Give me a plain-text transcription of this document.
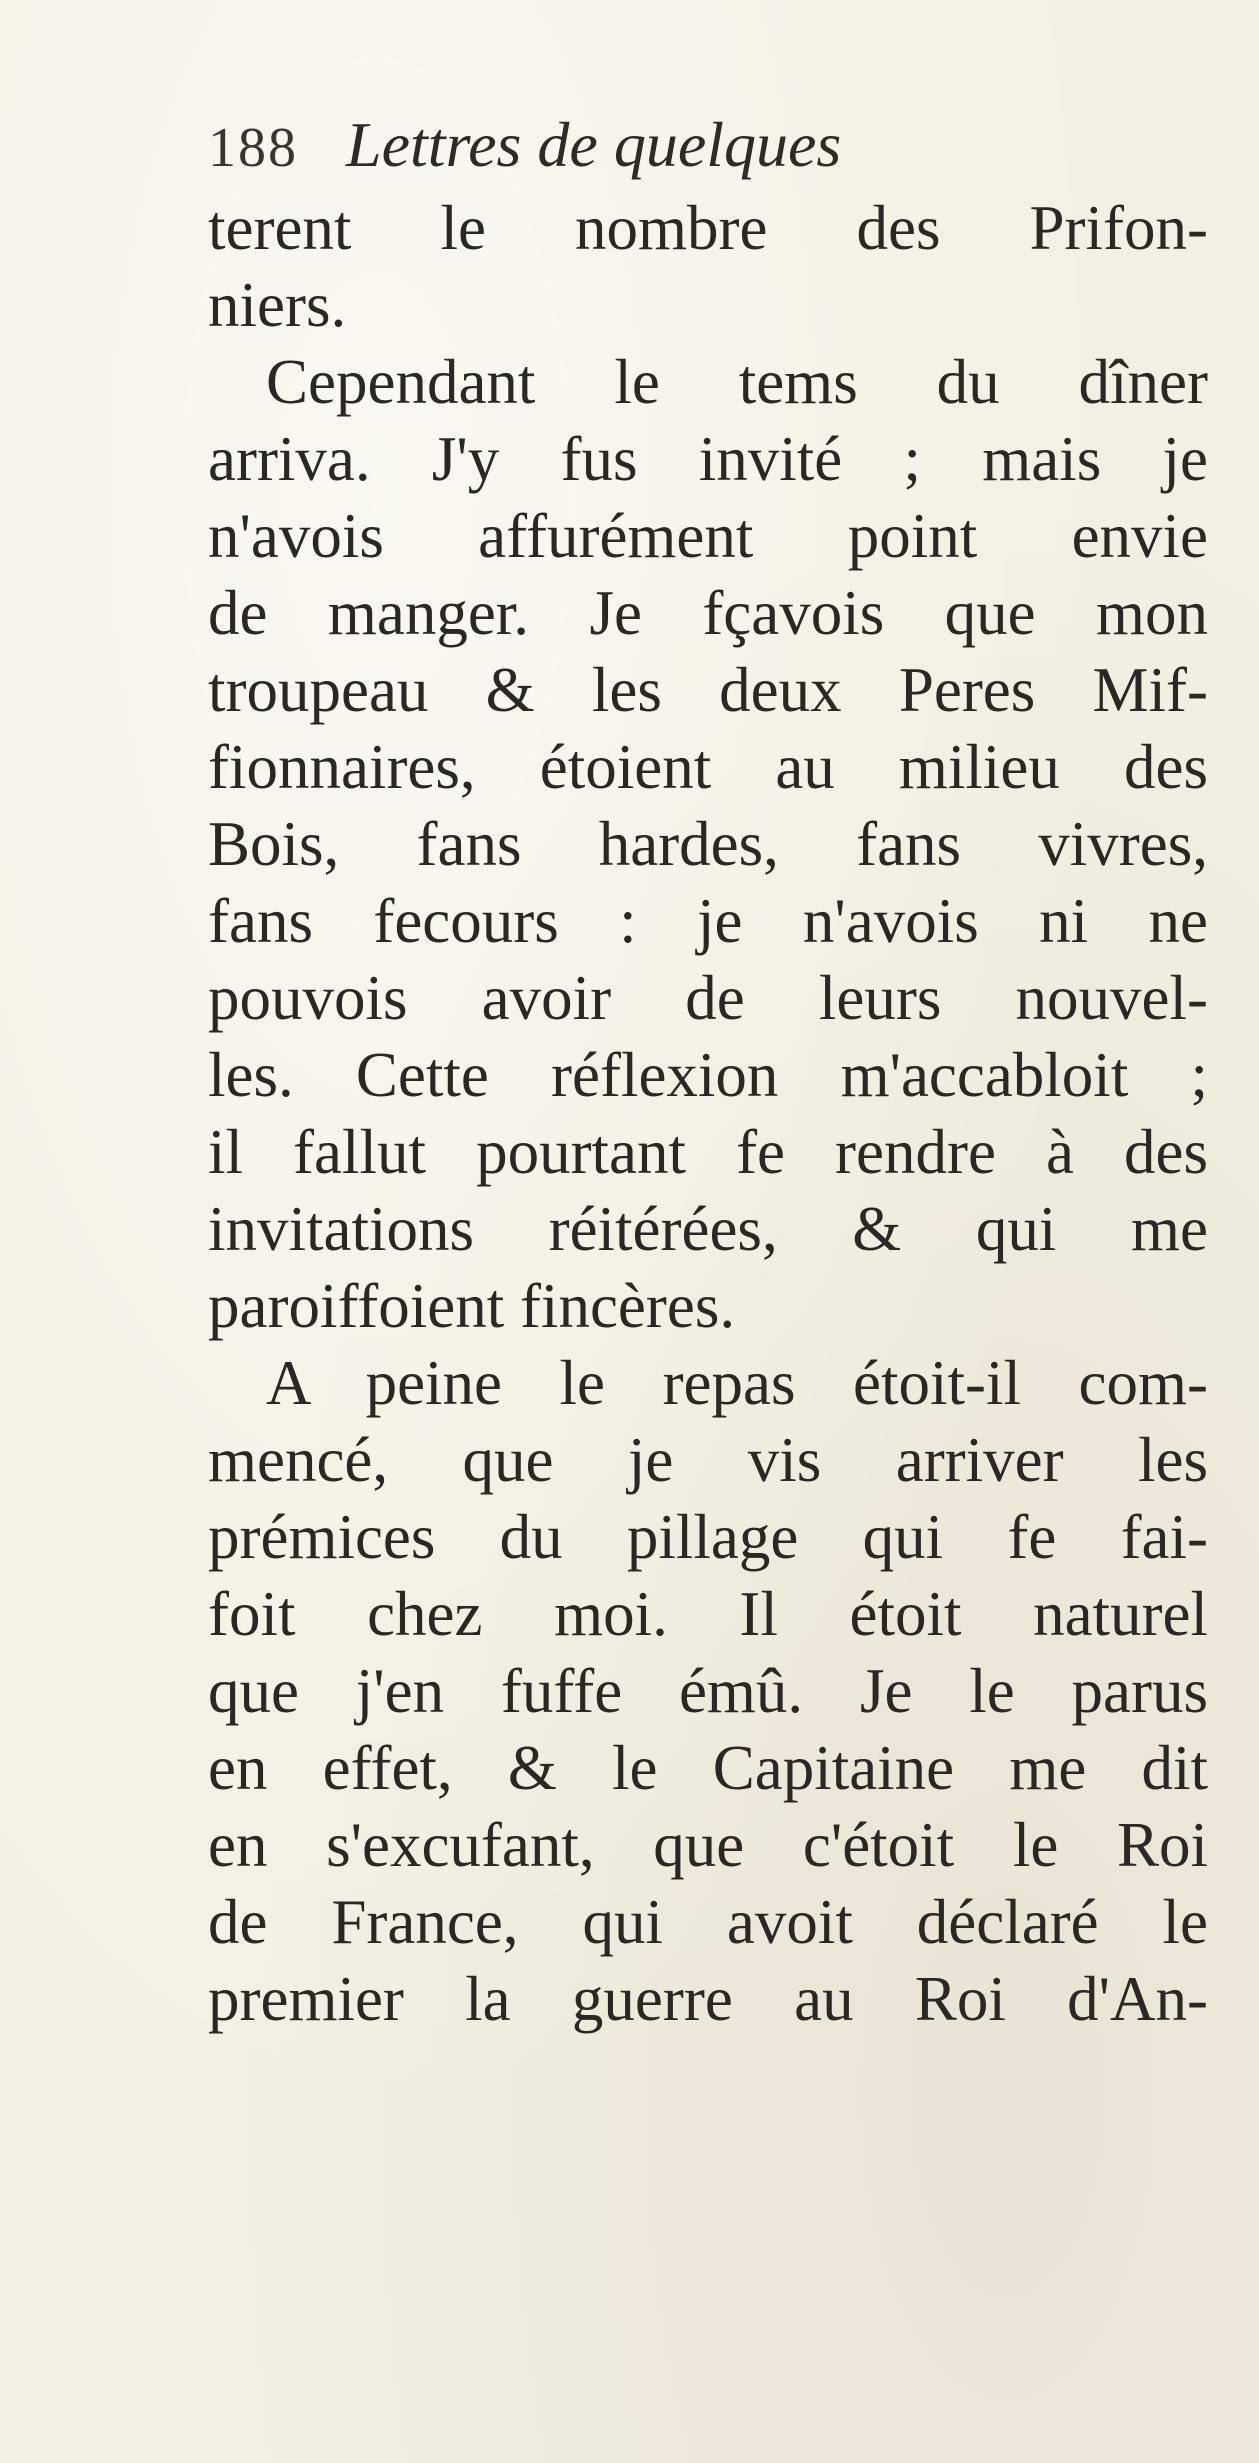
188 Lettres de quelques
terent le nombre des Prifon-
niers.
Cependant le tems du dîner
arriva. J'y fus invité ; mais je
n'avois affurément point envie
de manger. Je fçavois que mon
troupeau & les deux Peres Mif-
fionnaires, étoient au milieu des
Bois, fans hardes, fans vivres,
fans fecours : je n'avois ni ne
pouvois avoir de leurs nouvel-
les. Cette réflexion m'accabloit ;
il fallut pourtant fe rendre à des
invitations réitérées, & qui me
paroiffoient fincères.
A peine le repas étoit-il com-
mencé, que je vis arriver les
prémices du pillage qui fe fai-
foit chez moi. Il étoit naturel
que j'en fuffe émû. Je le parus
en effet, & le Capitaine me dit
en s'excufant, que c'étoit le Roi
de France, qui avoit déclaré le
premier la guerre au Roi d'An-
